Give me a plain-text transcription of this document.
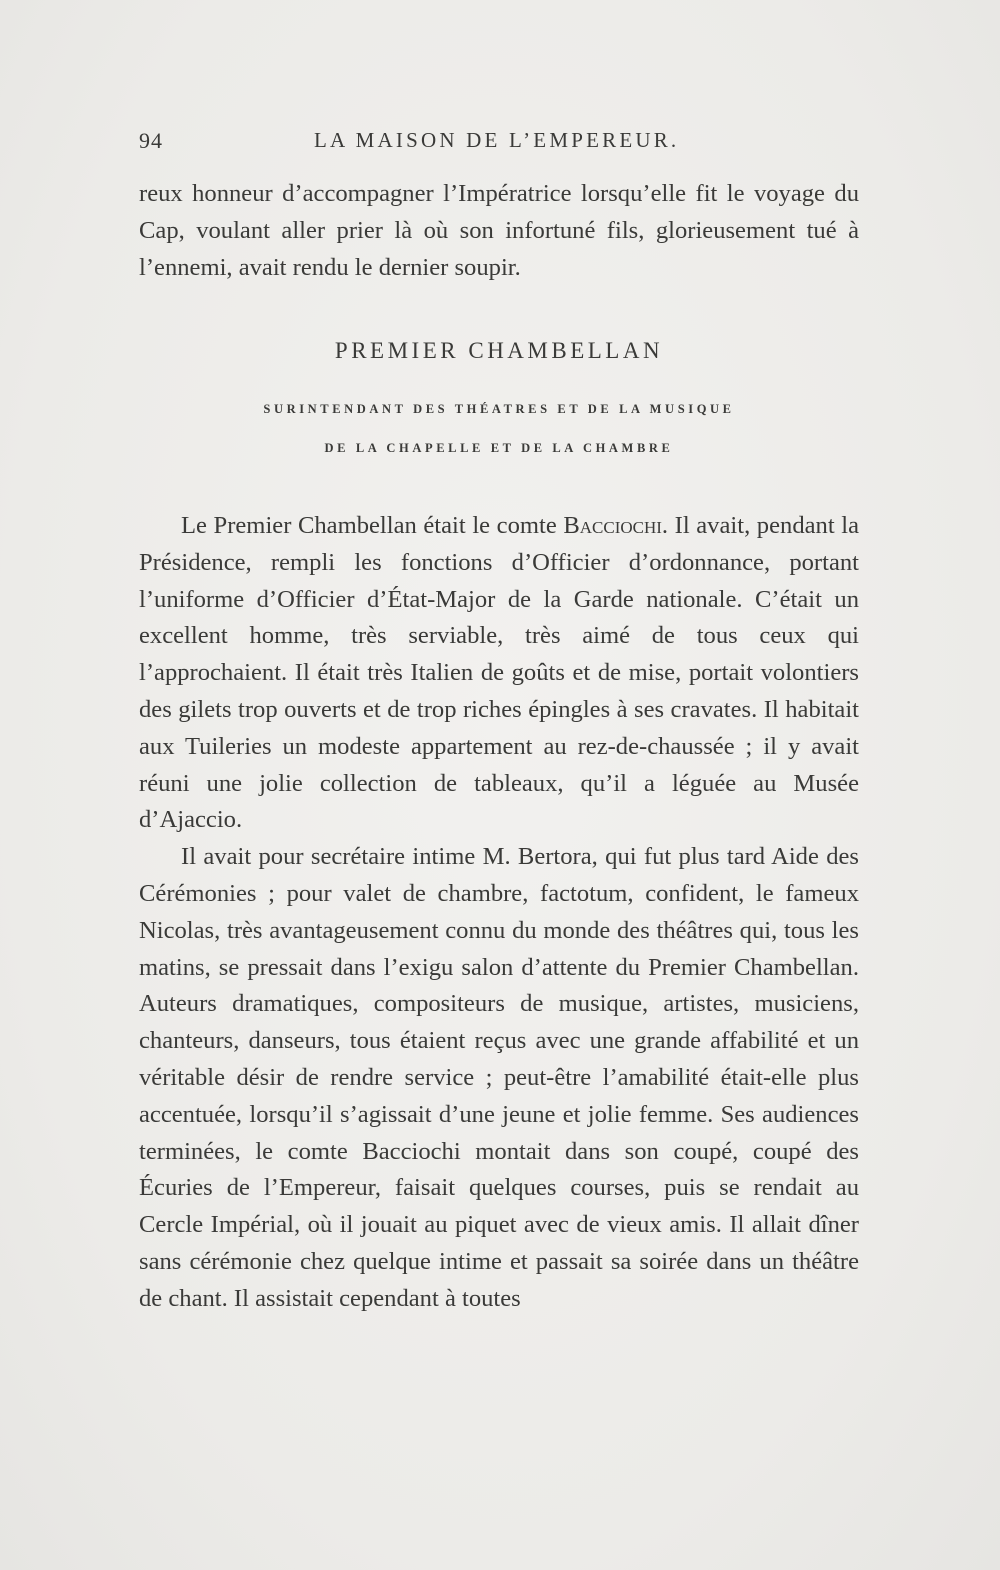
94	LA MAISON DE L’EMPEREUR.

reux honneur d’accompagner l’Impératrice lorsqu’elle fit le voyage du Cap, voulant aller prier là où son infortuné fils, glorieusement tué à l’ennemi, avait rendu le dernier soupir.

PREMIER CHAMBELLAN
SURINTENDANT DES THÉATRES ET DE LA MUSIQUE
DE LA CHAPELLE ET DE LA CHAMBRE

Le Premier Chambellan était le comte Bacciochi. Il avait, pendant la Présidence, rempli les fonctions d’Officier d’ordonnance, portant l’uniforme d’Officier d’État-Major de la Garde nationale. C’était un excellent homme, très serviable, très aimé de tous ceux qui l’approchaient. Il était très Italien de goûts et de mise, portait volontiers des gilets trop ouverts et de trop riches épingles à ses cravates. Il habitait aux Tuileries un modeste appartement au rez-de-chaussée ; il y avait réuni une jolie collection de tableaux, qu’il a léguée au Musée d’Ajaccio.

Il avait pour secrétaire intime M. Bertora, qui fut plus tard Aide des Cérémonies ; pour valet de chambre, factotum, confident, le fameux Nicolas, très avantageusement connu du monde des théâtres qui, tous les matins, se pressait dans l’exigu salon d’attente du Premier Chambellan. Auteurs dramatiques, compositeurs de musique, artistes, musiciens, chanteurs, danseurs, tous étaient reçus avec une grande affabilité et un véritable désir de rendre service ; peut-être l’amabilité était-elle plus accentuée, lorsqu’il s’agissait d’une jeune et jolie femme. Ses audiences terminées, le comte Bacciochi montait dans son coupé, coupé des Écuries de l’Empereur, faisait quelques courses, puis se rendait au Cercle Impérial, où il jouait au piquet avec de vieux amis. Il allait dîner sans cérémonie chez quelque intime et passait sa soirée dans un théâtre de chant. Il assistait cependant à toutes
